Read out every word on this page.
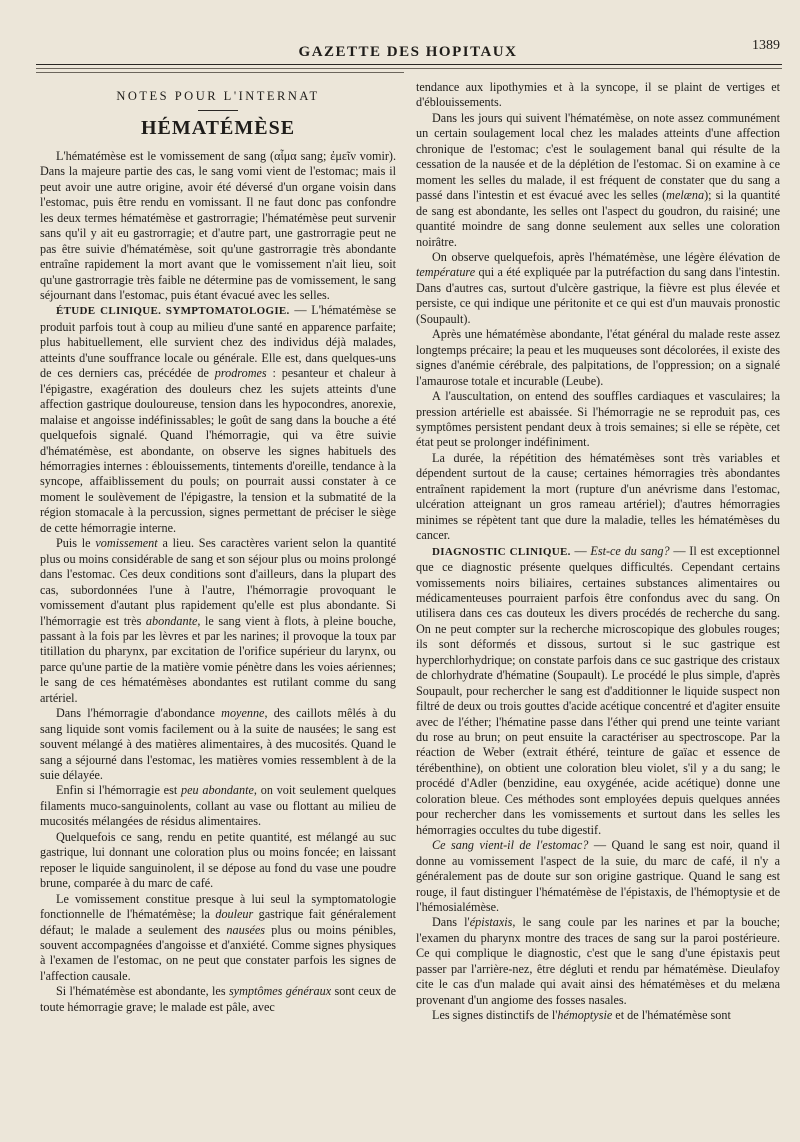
GAZETTE DES HOPITAUX	1389
NOTES POUR L'INTERNAT
HÉMATÉMÈSE

L'hématémèse est le vomissement de sang (αἷμα sang; ἐμεῖν vomir). Dans la majeure partie des cas, le sang vomi vient de l'estomac; mais il peut avoir une autre origine, avoir été déversé d'un organe voisin dans l'estomac, puis être rendu en vomissant. Il ne faut donc pas confondre les deux termes hématémèse et gastrorragie; l'hématémèse peut survenir sans qu'il y ait eu gastrorragie; et d'autre part, une gastrorragie peut ne pas être suivie d'hématémèse, soit qu'une gastrorragie très abondante entraîne rapidement la mort avant que le vomissement n'ait lieu, soit qu'une gastrorragie très faible ne détermine pas de vomissement, le sang séjournant dans l'estomac, puis étant évacué avec les selles.

ÉTUDE CLINIQUE. SYMPTOMATOLOGIE. — L'hématémèse se produit parfois tout à coup au milieu d'une santé en apparence parfaite; plus habituellement, elle survient chez des individus déjà malades, atteints d'une souffrance locale ou générale. Elle est, dans quelques-uns de ces derniers cas, précédée de prodromes : pesanteur et chaleur à l'épigastre, exagération des douleurs chez les sujets atteints d'une affection gastrique douloureuse, tension dans les hypocondres, anorexie, malaise et angoisse indéfinissables; le goût de sang dans la bouche a été quelquefois signalé. Quand l'hémorragie, qui va être suivie d'hématémèse, est abondante, on observe les signes habituels des hémorragies internes : éblouissements, tintements d'oreille, tendance à la syncope, affaiblissement du pouls; on pourrait aussi constater à ce moment le soulèvement de l'épigastre, la tension et la submatité de la région stomacale à la percussion, signes permettant de préciser le siège de cette hémorragie interne.

Puis le vomissement a lieu. Ses caractères varient selon la quantité plus ou moins considérable de sang et son séjour plus ou moins prolongé dans l'estomac. Ces deux conditions sont d'ailleurs, dans la plupart des cas, subordonnées l'une à l'autre, l'hémorragie provoquant le vomissement d'autant plus rapidement qu'elle est plus abondante. Si l'hémorragie est très abondante, le sang vient à flots, à pleine bouche, passant à la fois par les lèvres et par les narines; il provoque la toux par titillation du pharynx, par excitation de l'orifice supérieur du larynx, ou parce qu'une partie de la matière vomie pénètre dans les voies aériennes; le sang de ces hématémèses abondantes est rutilant comme du sang artériel.

Dans l'hémorragie d'abondance moyenne, des caillots mêlés à du sang liquide sont vomis facilement ou à la suite de nausées; le sang est souvent mélangé à des matières alimentaires, à des mucosités. Quand le sang a séjourné dans l'estomac, les matières vomies ressemblent à de la suie délayée.

Enfin si l'hémorragie est peu abondante, on voit seulement quelques filaments muco-sanguinolents, collant au vase ou flottant au milieu de mucosités mélangées de résidus alimentaires.

Quelquefois ce sang, rendu en petite quantité, est mélangé au suc gastrique, lui donnant une coloration plus ou moins foncée; en laissant reposer le liquide sanguinolent, il se dépose au fond du vase une poudre brune, comparée à du marc de café.

Le vomissement constitue presque à lui seul la symptomatologie fonctionnelle de l'hématémèse; la douleur gastrique fait généralement défaut; le malade a seulement des nausées plus ou moins pénibles, souvent accompagnées d'angoisse et d'anxiété. Comme signes physiques à l'examen de l'estomac, on ne peut que constater parfois les signes de l'affection causale.

Si l'hématémèse est abondante, les symptômes généraux sont ceux de toute hémorragie grave; le malade est pâle, avec

tendance aux lipothymies et à la syncope, il se plaint de vertiges et d'éblouissements.

Dans les jours qui suivent l'hématémèse, on note assez communément un certain soulagement local chez les malades atteints d'une affection chronique de l'estomac; c'est le soulagement banal qui résulte de la cessation de la nausée et de la déplétion de l'estomac. Si on examine à ce moment les selles du malade, il est fréquent de constater que du sang a passé dans l'intestin et est évacué avec les selles (melæna); si la quantité de sang est abondante, les selles ont l'aspect du goudron, du raisiné; une quantité moindre de sang donne seulement aux selles une coloration noirâtre.

On observe quelquefois, après l'hématémèse, une légère élévation de température qui a été expliquée par la putréfaction du sang dans l'intestin. Dans d'autres cas, surtout d'ulcère gastrique, la fièvre est plus élevée et persiste, ce qui indique une péritonite et ce qui est d'un mauvais pronostic (Soupault).

Après une hématémèse abondante, l'état général du malade reste assez longtemps précaire; la peau et les muqueuses sont décolorées, il existe des signes d'anémie cérébrale, des palpitations, de l'oppression; on a signalé l'amaurose totale et incurable (Leube).

A l'auscultation, on entend des souffles cardiaques et vasculaires; la pression artérielle est abaissée. Si l'hémorragie ne se reproduit pas, ces symptômes persistent pendant deux à trois semaines; si elle se répète, cet état peut se prolonger indéfiniment.

La durée, la répétition des hématémèses sont très variables et dépendent surtout de la cause; certaines hémorragies très abondantes entraînent rapidement la mort (rupture d'un anévrisme dans l'estomac, ulcération atteignant un gros rameau artériel); d'autres hémorragies minimes se répètent tant que dure la maladie, telles les hématémèses du cancer.

DIAGNOSTIC CLINIQUE. — Est-ce du sang? — Il est exceptionnel que ce diagnostic présente quelques difficultés. Cependant certains vomissements noirs biliaires, certaines substances alimentaires ou médicamenteuses pourraient parfois être confondus avec du sang. On utilisera dans ces cas douteux les divers procédés de recherche du sang. On ne peut compter sur la recherche microscopique des globules rouges; ils sont déformés et dissous, surtout si le suc gastrique est hyperchlorhydrique; on constate parfois dans ce suc gastrique des cristaux de chlorhydrate d'hématine (Soupault). Le procédé le plus simple, d'après Soupault, pour rechercher le sang est d'additionner le liquide suspect non filtré de deux ou trois gouttes d'acide acétique concentré et d'agiter ensuite avec de l'éther; l'hématine passe dans l'éther qui prend une teinte variant du rose au brun; on peut ensuite la caractériser au spectroscope. Par la réaction de Weber (extrait éthéré, teinture de gaïac et essence de térébenthine), on obtient une coloration bleu violet, s'il y a du sang; le procédé d'Adler (benzidine, eau oxygénée, acide acétique) donne une coloration bleue. Ces méthodes sont employées depuis quelques années pour rechercher dans les vomissements et surtout dans les selles les hémorragies occultes du tube digestif.

Ce sang vient-il de l'estomac? — Quand le sang est noir, quand il donne au vomissement l'aspect de la suie, du marc de café, il n'y a généralement pas de doute sur son origine gastrique. Quand le sang est rouge, il faut distinguer l'hématémèse de l'épistaxis, de l'hémoptysie et de l'hémosialémèse.

Dans l'épistaxis, le sang coule par les narines et par la bouche; l'examen du pharynx montre des traces de sang sur la paroi postérieure. Ce qui complique le diagnostic, c'est que le sang d'une épistaxis peut passer par l'arrière-nez, être dégluti et rendu par hématémèse. Dieulafoy cite le cas d'un malade qui avait ainsi des hématémèses et du melæna provenant d'un angiome des fosses nasales.

Les signes distinctifs de l'hémoptysie et de l'hématémèse sont
